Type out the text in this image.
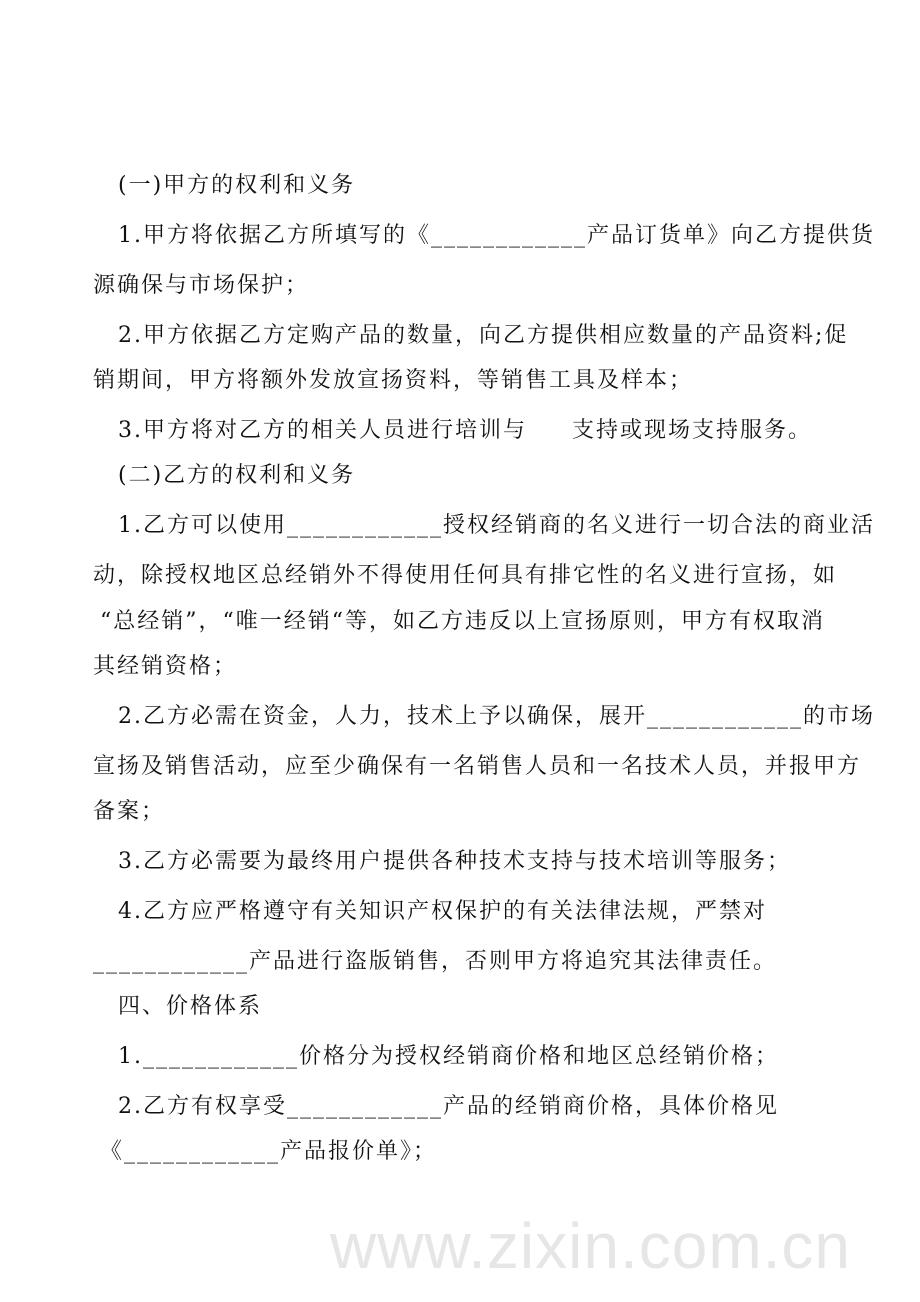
www.zixin.com.cn
(一)甲方的权利和义务
1.甲方将依据乙方所填写的《____________产品订货单》向乙方提供货
源确保与市场保护；
2.甲方依据乙方定购产品的数量，向乙方提供相应数量的产品资料;促
销期间，甲方将额外发放宣扬资料，等销售工具及样本；
3.甲方将对乙方的相关人员进行培训与     支持或现场支持服务。
(二)乙方的权利和义务
1.乙方可以使用____________授权经销商的名义进行一切合法的商业活
动，除授权地区总经销外不得使用任何具有排它性的名义进行宣扬，如
“总经销”，“唯一经销“等，如乙方违反以上宣扬原则，甲方有权取消
其经销资格；
2.乙方必需在资金，人力，技术上予以确保，展开____________的市场
宣扬及销售活动，应至少确保有一名销售人员和一名技术人员，并报甲方
备案；
3.乙方必需要为最终用户提供各种技术支持与技术培训等服务；
4.乙方应严格遵守有关知识产权保护的有关法律法规，严禁对
____________产品进行盗版销售，否则甲方将追究其法律责任。
四、价格体系
1.____________价格分为授权经销商价格和地区总经销价格；
2.乙方有权享受____________产品的经销商价格，具体价格见
《____________产品报价单》；
